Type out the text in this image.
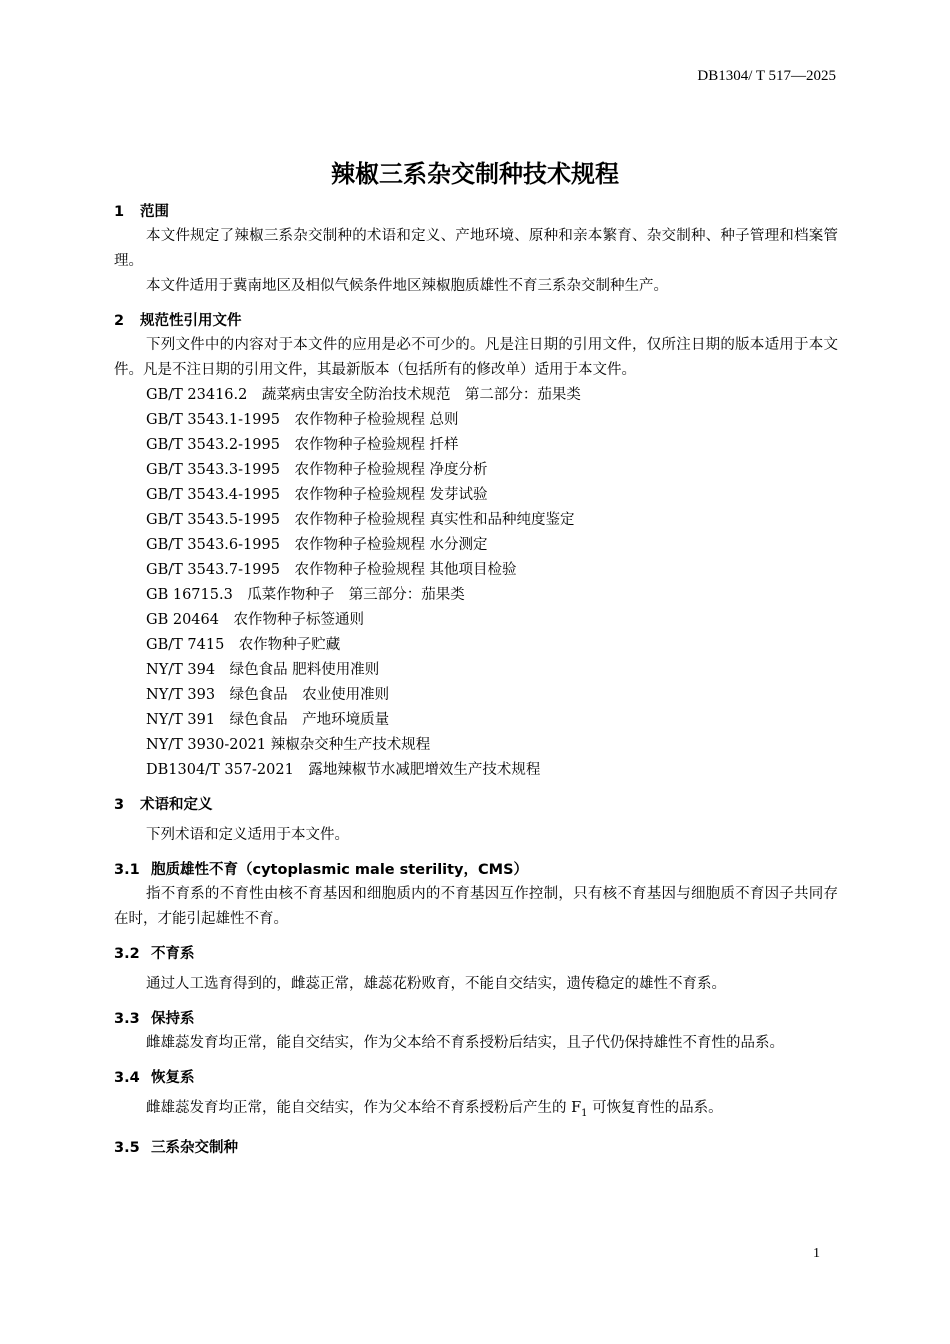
DB1304/ T 517—2025
辣椒三系杂交制种技术规程
1 范围
本文件规定了辣椒三系杂交制种的术语和定义、产地环境、原种和亲本繁育、杂交制种、种子管理和档案管理。
本文件适用于冀南地区及相似气候条件地区辣椒胞质雄性不育三系杂交制种生产。
2 规范性引用文件
下列文件中的内容对于本文件的应用是必不可少的。凡是注日期的引用文件，仅所注日期的版本适用于本文件。凡是不注日期的引用文件，其最新版本（包括所有的修改单）适用于本文件。
GB/T 23416.2　蔬菜病虫害安全防治技术规范　第二部分：茄果类
GB/T 3543.1-1995　农作物种子检验规程 总则
GB/T 3543.2-1995　农作物种子检验规程 扦样
GB/T 3543.3-1995　农作物种子检验规程 净度分析
GB/T 3543.4-1995　农作物种子检验规程 发芽试验
GB/T 3543.5-1995　农作物种子检验规程 真实性和品种纯度鉴定
GB/T 3543.6-1995　农作物种子检验规程 水分测定
GB/T 3543.7-1995　农作物种子检验规程 其他项目检验
GB 16715.3　瓜菜作物种子　第三部分：茄果类
GB 20464　农作物种子标签通则
GB/T 7415　农作物种子贮藏
NY/T 394　绿色食品 肥料使用准则
NY/T 393　绿色食品　农业使用准则
NY/T 391　绿色食品　产地环境质量
NY/T 3930-2021 辣椒杂交种生产技术规程
DB1304/T 357-2021　露地辣椒节水减肥增效生产技术规程
3 术语和定义
下列术语和定义适用于本文件。
3.1 胞质雄性不育（cytoplasmic male sterility，CMS）
指不育系的不育性由核不育基因和细胞质内的不育基因互作控制，只有核不育基因与细胞质不育因子共同存在时，才能引起雄性不育。
3.2 不育系
通过人工选育得到的，雌蕊正常，雄蕊花粉败育，不能自交结实，遗传稳定的雄性不育系。
3.3 保持系
雌雄蕊发育均正常，能自交结实，作为父本给不育系授粉后结实，且子代仍保持雄性不育性的品系。
3.4 恢复系
雌雄蕊发育均正常，能自交结实，作为父本给不育系授粉后产生的 $F_1$ 可恢复育性的品系。
3.5 三系杂交制种
1
